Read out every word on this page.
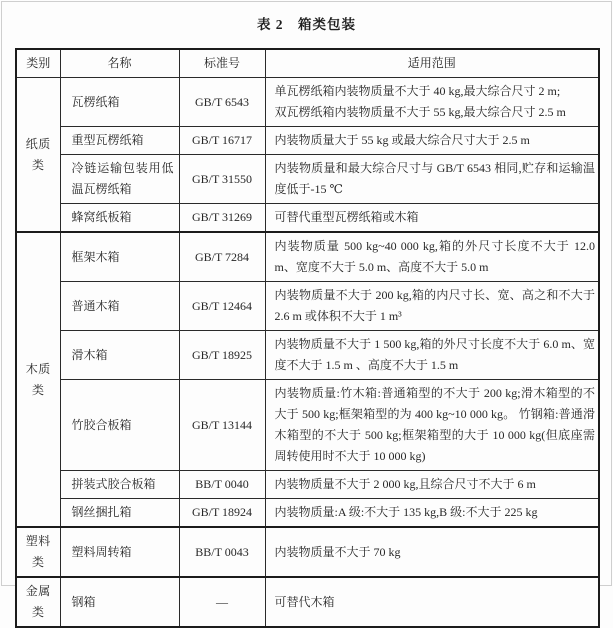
表 2　箱类包装
类别	名称	标准号	适用范围
纸质类	瓦楞纸箱	GB/T 6543	单瓦楞纸箱内装物质量不大于 40 kg,最大综合尺寸 2 m;
双瓦楞纸箱内装物质量不大于 55 kg,最大综合尺寸 2.5 m
	重型瓦楞纸箱	GB/T 16717	内装物质量大于 55 kg 或最大综合尺寸大于 2.5 m
	冷链运输包装用低温瓦楞纸箱	GB/T 31550	内装物质量和最大综合尺寸与 GB/T 6543 相同,贮存和运输温度低于-15 ℃
	蜂窝纸板箱	GB/T 31269	可替代重型瓦楞纸箱或木箱
木质类	框架木箱	GB/T 7284	内装物质量 500 kg~40 000 kg,箱的外尺寸长度不大于 12.0 m、宽度不大于 5.0 m、高度不大于 5.0 m
	普通木箱	GB/T 12464	内装物质量不大于 200 kg,箱的内尺寸长、宽、高之和不大于 2.6 m 或体积不大于 1 m³
	滑木箱	GB/T 18925	内装物质量不大于 1 500 kg,箱的外尺寸长度不大于 6.0 m、宽度不大于 1.5 m 、高度不大于 1.5 m
	竹胶合板箱	GB/T 13144	内装物质量:竹木箱:普通箱型的不大于 200 kg;滑木箱型的不大于 500 kg;框架箱型的为 400 kg~10 000 kg。 竹钢箱:普通滑木箱型的不大于 500 kg;框架箱型的大于 10 000 kg(但底座需周转使用时不大于 10 000 kg)
	拼装式胶合板箱	BB/T 0040	内装物质量不大于 2 000 kg,且综合尺寸不大于 6 m
	钢丝捆扎箱	GB/T 18924	内装物质量:A 级:不大于 135 kg,B 级:不大于 225 kg
塑料类	塑料周转箱	BB/T 0043	内装物质量不大于 70 kg
金属类	钢箱	—	可替代木箱
